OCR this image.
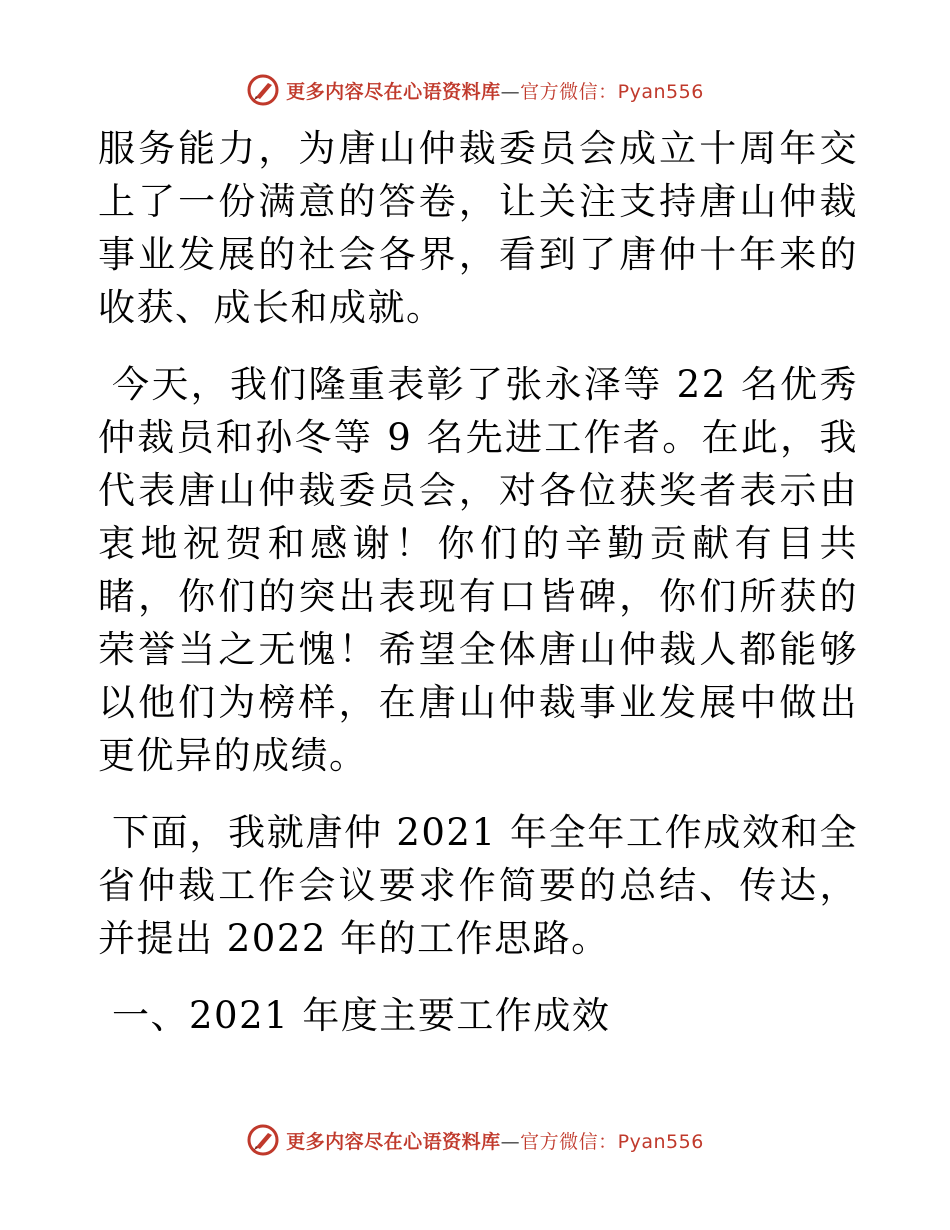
更多内容尽在心语资料库—官方微信：Pyan556

服务能力，为唐山仲裁委员会成立十周年交上了一份满意的答卷，让关注支持唐山仲裁事业发展的社会各界，看到了唐仲十年来的收获、成长和成就。

今天，我们隆重表彰了张永泽等 22 名优秀仲裁员和孙冬等 9 名先进工作者。在此，我代表唐山仲裁委员会，对各位获奖者表示由衷地祝贺和感谢！你们的辛勤贡献有目共睹，你们的突出表现有口皆碑，你们所获的荣誉当之无愧！希望全体唐山仲裁人都能够以他们为榜样，在唐山仲裁事业发展中做出更优异的成绩。

下面，我就唐仲 2021 年全年工作成效和全省仲裁工作会议要求作简要的总结、传达，并提出 2022 年的工作思路。

一、2021 年度主要工作成效

更多内容尽在心语资料库—官方微信：Pyan556
